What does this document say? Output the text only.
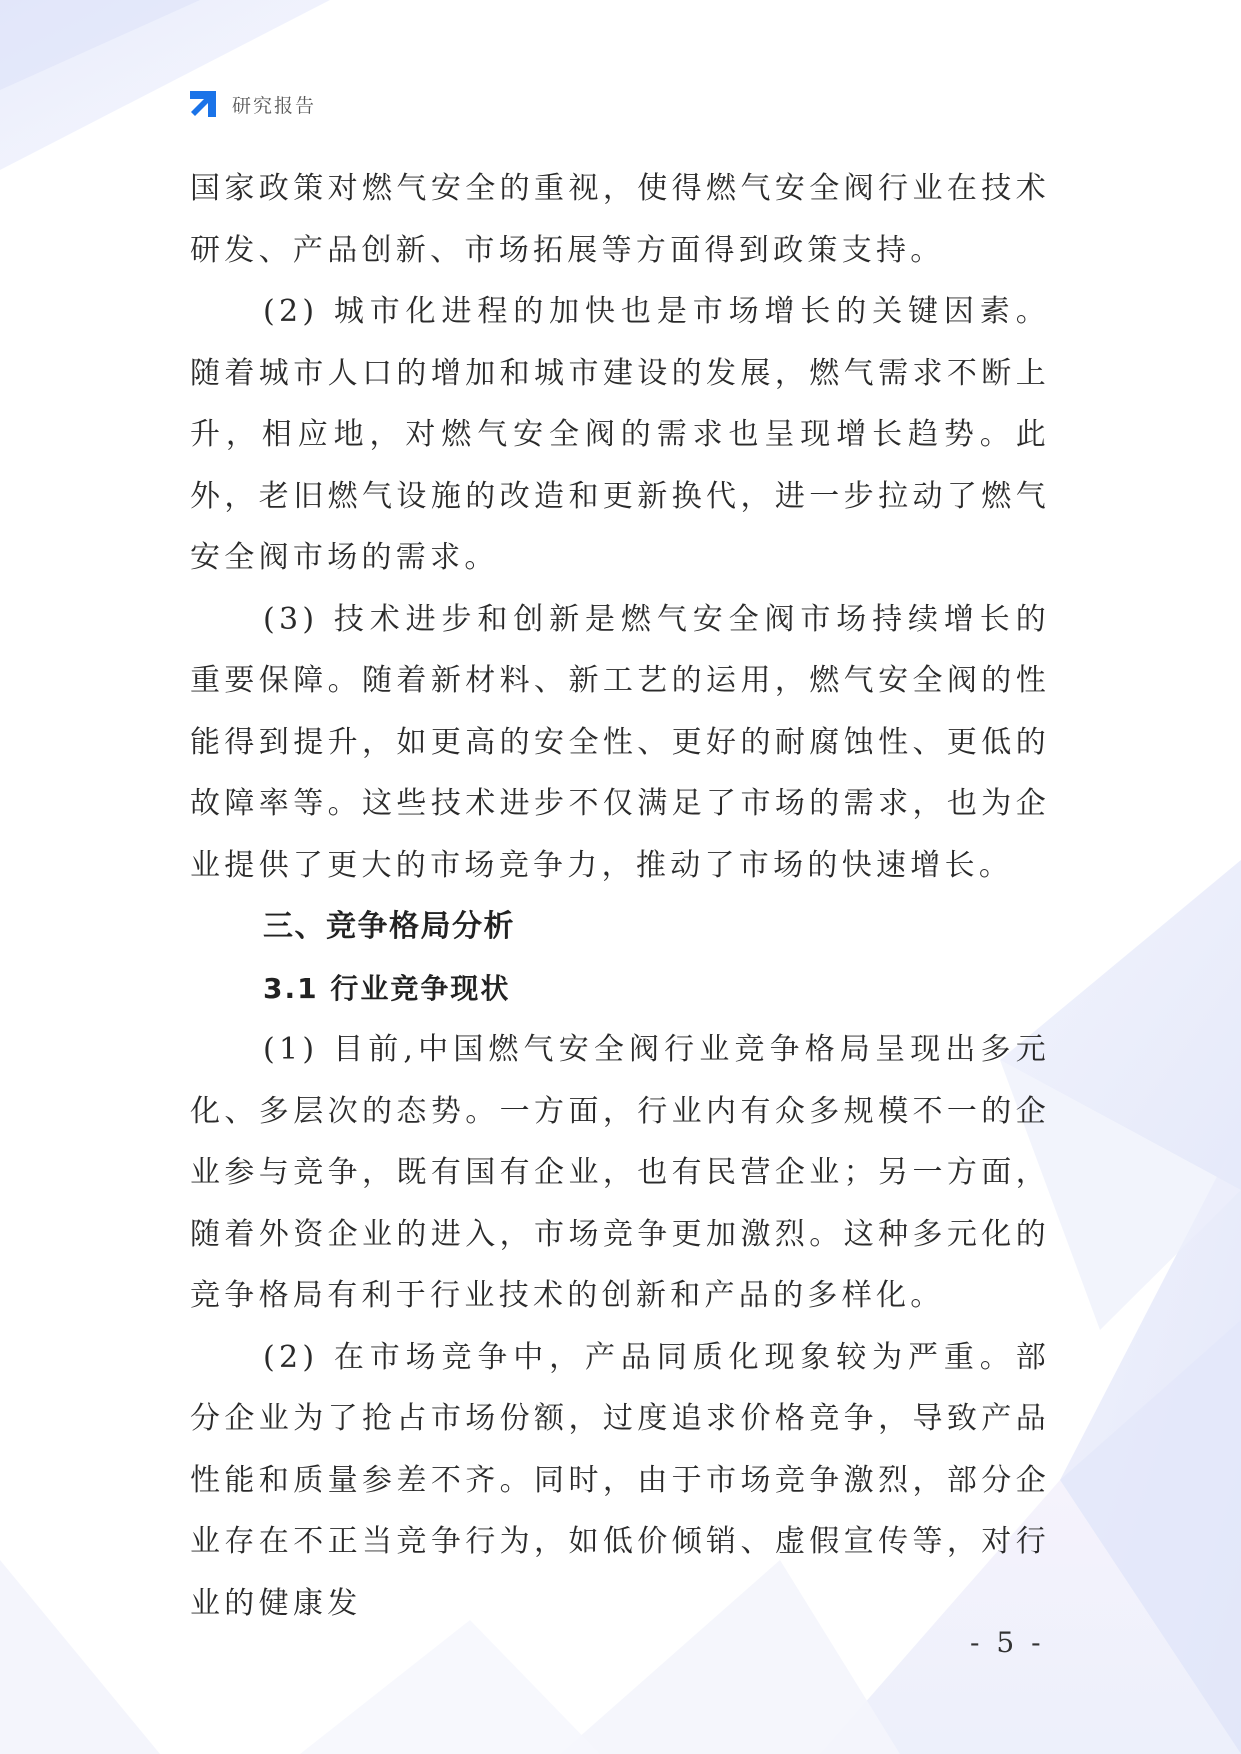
研究报告

国家政策对燃气安全的重视，使得燃气安全阀行业在技术研发、产品创新、市场拓展等方面得到政策支持。

(2) 城市化进程的加快也是市场增长的关键因素。随着城市人口的增加和城市建设的发展，燃气需求不断上升，相应地，对燃气安全阀的需求也呈现增长趋势。此外，老旧燃气设施的改造和更新换代，进一步拉动了燃气安全阀市场的需求。

(3) 技术进步和创新是燃气安全阀市场持续增长的重要保障。随着新材料、新工艺的运用，燃气安全阀的性能得到提升，如更高的安全性、更好的耐腐蚀性、更低的故障率等。这些技术进步不仅满足了市场的需求，也为企业提供了更大的市场竞争力，推动了市场的快速增长。

三、竞争格局分析
3.1 行业竞争现状

(1) 目前,中国燃气安全阀行业竞争格局呈现出多元化、多层次的态势。一方面，行业内有众多规模不一的企业参与竞争，既有国有企业，也有民营企业；另一方面，随着外资企业的进入，市场竞争更加激烈。这种多元化的竞争格局有利于行业技术的创新和产品的多样化。

(2) 在市场竞争中，产品同质化现象较为严重。部分企业为了抢占市场份额，过度追求价格竞争，导致产品性能和质量参差不齐。同时，由于市场竞争激烈，部分企业存在不正当竞争行为，如低价倾销、虚假宣传等，对行业的健康发

- 5 -
